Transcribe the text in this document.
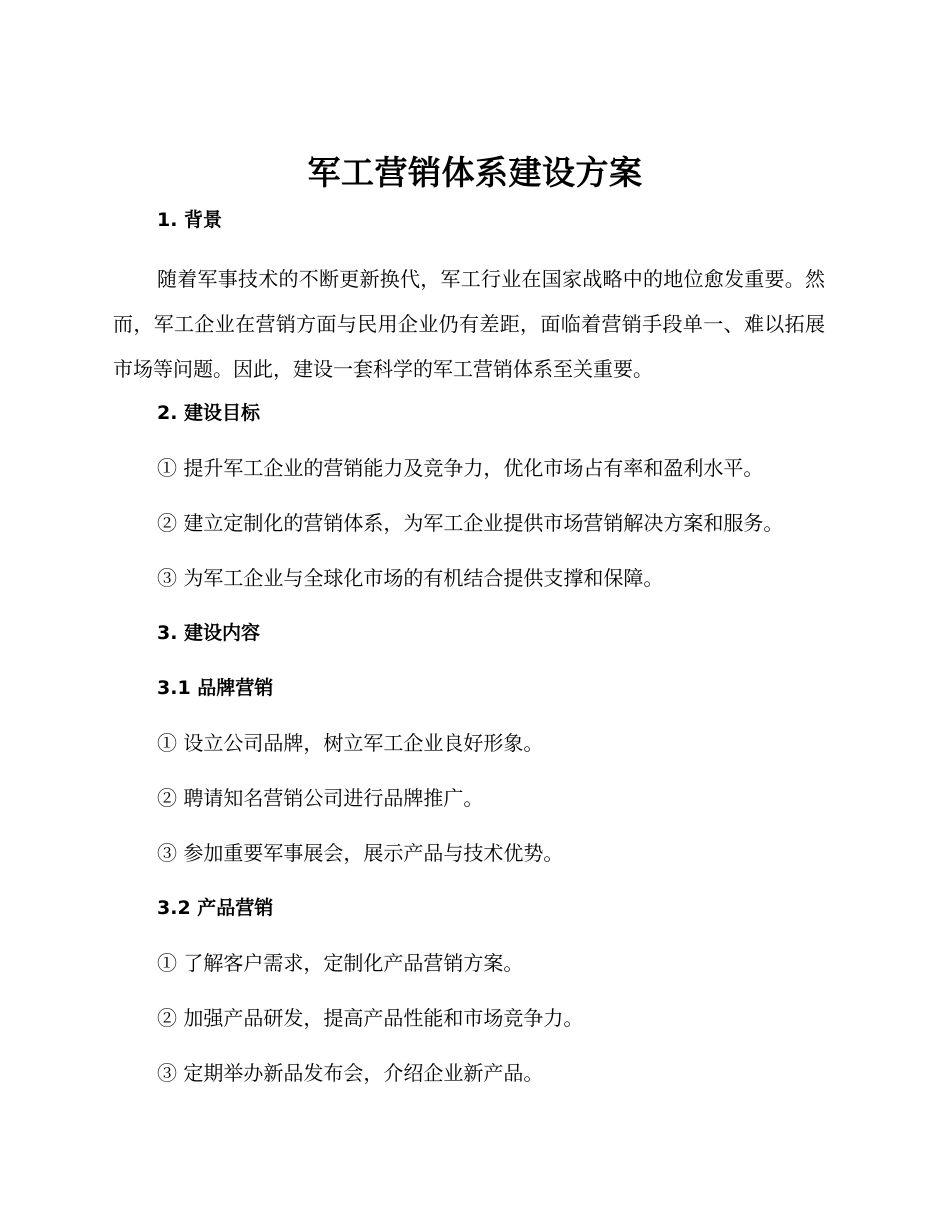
军工营销体系建设方案
1. 背景

随着军事技术的不断更新换代，军工行业在国家战略中的地位愈发重要。然而，军工企业在营销方面与民用企业仍有差距，面临着营销手段单一、难以拓展市场等问题。因此，建设一套科学的军工营销体系至关重要。

2. 建设目标
① 提升军工企业的营销能力及竞争力，优化市场占有率和盈利水平。
② 建立定制化的营销体系，为军工企业提供市场营销解决方案和服务。
③ 为军工企业与全球化市场的有机结合提供支撑和保障。
3. 建设内容
3.1 品牌营销
① 设立公司品牌，树立军工企业良好形象。
② 聘请知名营销公司进行品牌推广。
③ 参加重要军事展会，展示产品与技术优势。
3.2 产品营销
① 了解客户需求，定制化产品营销方案。
② 加强产品研发，提高产品性能和市场竞争力。
③ 定期举办新品发布会，介绍企业新产品。
